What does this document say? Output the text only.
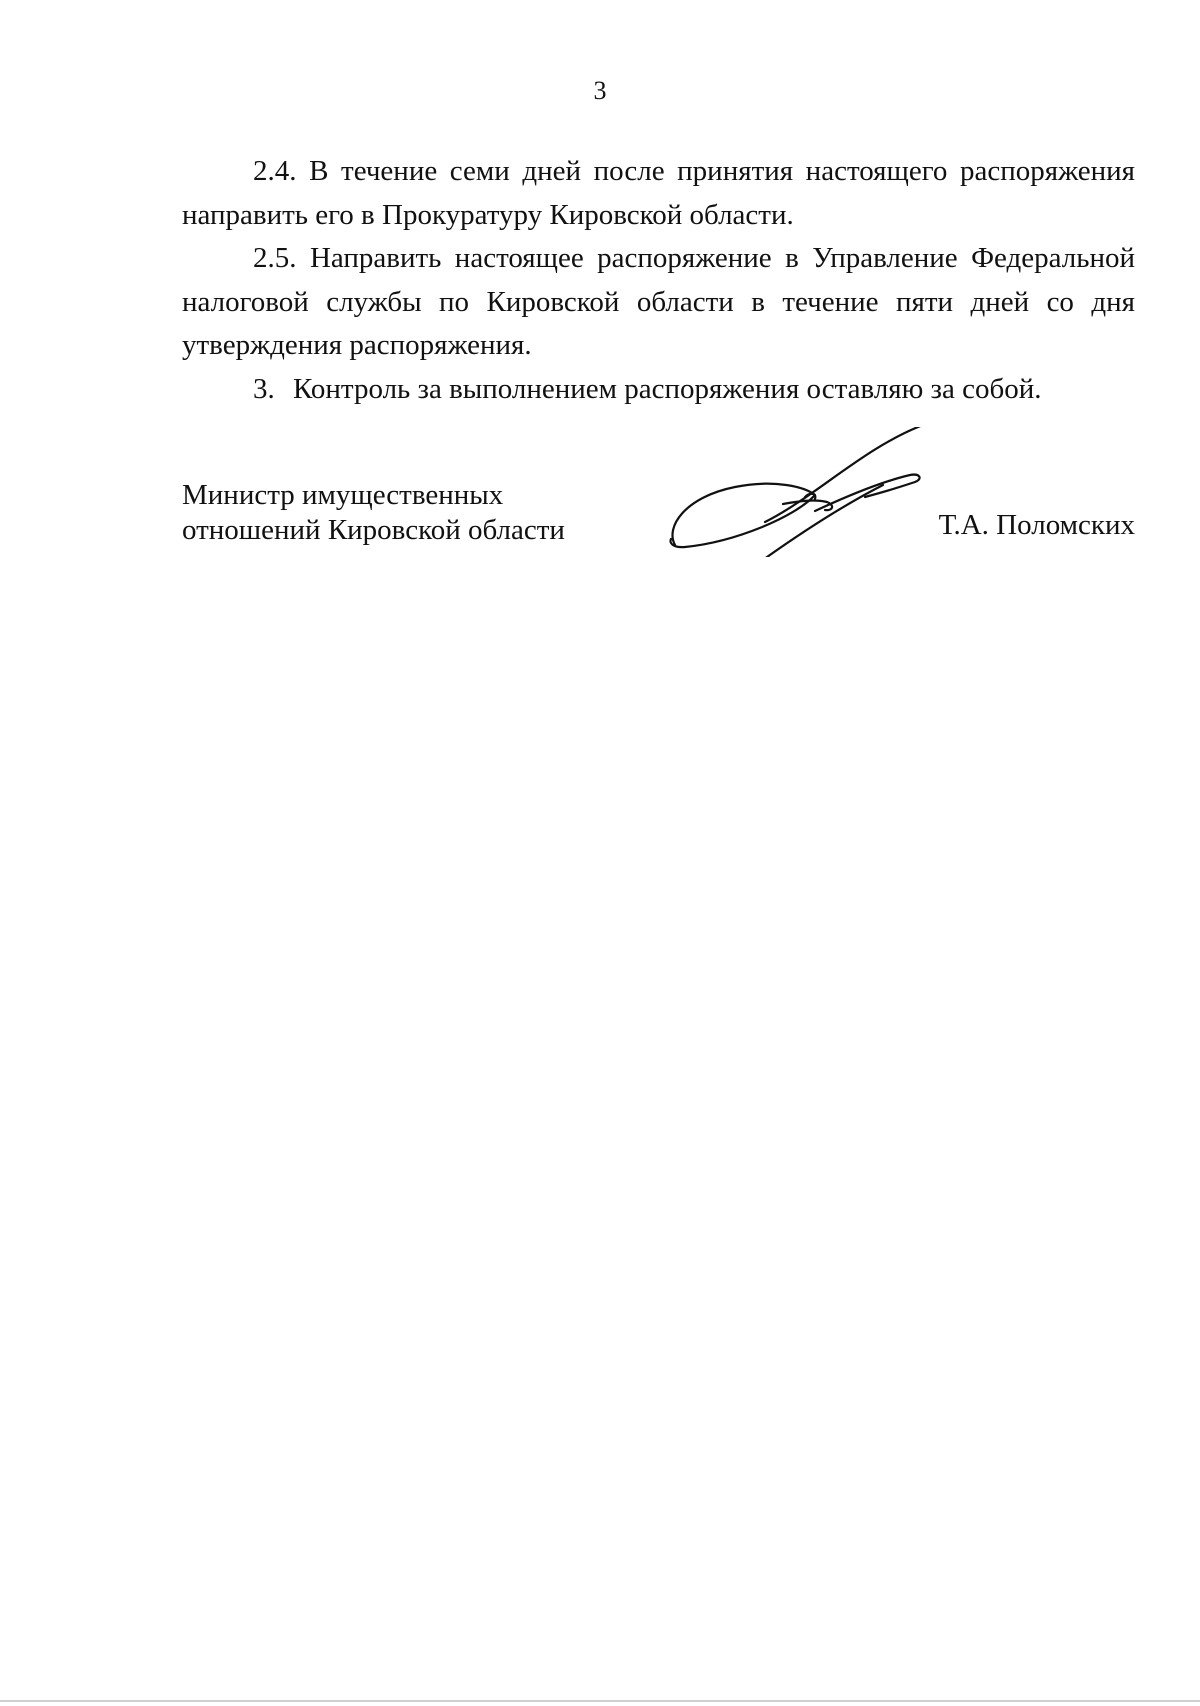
3

2.4. В течение семи дней после принятия настоящего распоряжения направить его в Прокуратуру Кировской области.

2.5. Направить настоящее распоряжение в Управление Федеральной налоговой службы по Кировской области в течение пяти дней со дня утверждения распоряжения.

3. Контроль за выполнением распоряжения оставляю за собой.

Министр имущественных
отношений Кировской области	Т.А. Поломских
